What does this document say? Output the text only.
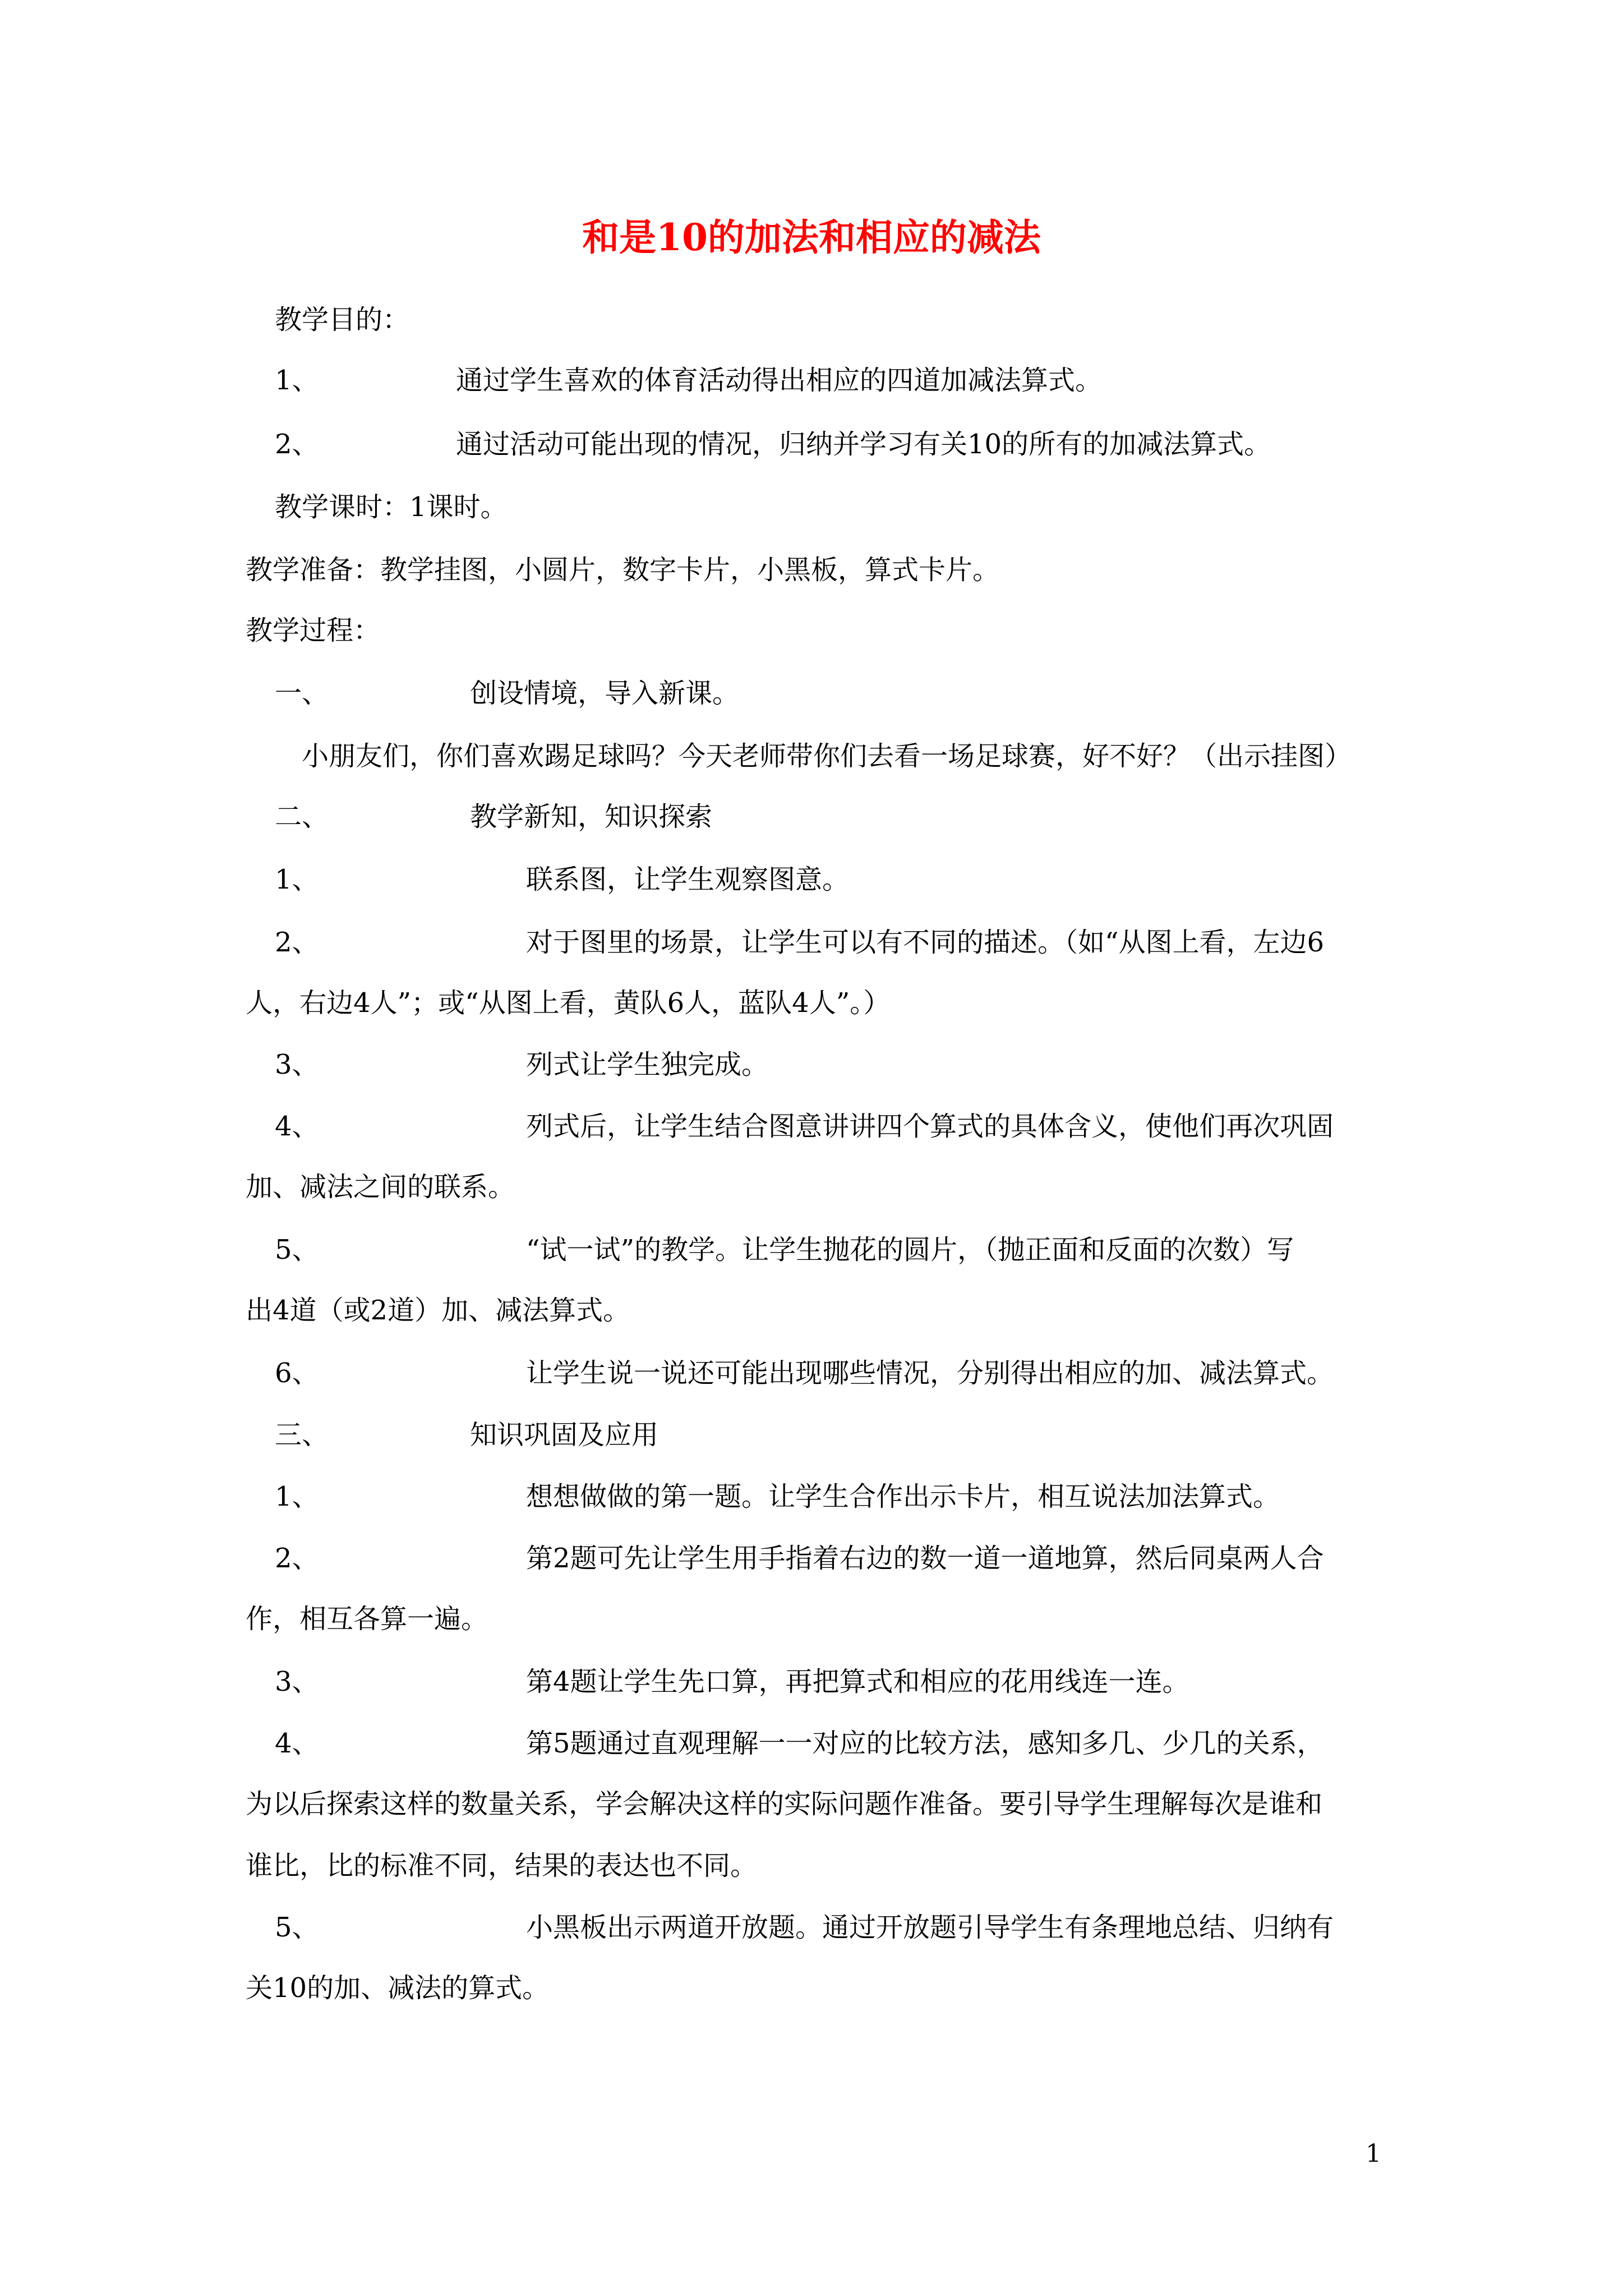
和是10的加法和相应的减法
教学目的：
1、	通过学生喜欢的体育活动得出相应的四道加减法算式。
2、	通过活动可能出现的情况，归纳并学习有关10的所有的加减法算式。
教学课时：1课时。
教学准备：教学挂图，小圆片，数字卡片，小黑板，算式卡片。
教学过程：
一、	创设情境，导入新课。
小朋友们，你们喜欢踢足球吗？今天老师带你们去看一场足球赛，好不好？（出示挂图）
二、	教学新知，知识探索
1、	联系图，让学生观察图意。
2、	对于图里的场景，让学生可以有不同的描述。（如“从图上看，左边6
人，右边4人”；或“从图上看，黄队6人，蓝队4人”。）
3、	列式让学生独完成。
4、	列式后，让学生结合图意讲讲四个算式的具体含义，使他们再次巩固
加、减法之间的联系。
5、	“试一试”的教学。让学生抛花的圆片，（抛正面和反面的次数）写
出4道（或2道）加、减法算式。
6、	让学生说一说还可能出现哪些情况，分别得出相应的加、减法算式。
三、	知识巩固及应用
1、	想想做做的第一题。让学生合作出示卡片，相互说法加法算式。
2、	第2题可先让学生用手指着右边的数一道一道地算，然后同桌两人合
作，相互各算一遍。
3、	第4题让学生先口算，再把算式和相应的花用线连一连。
4、	第5题通过直观理解一一对应的比较方法，感知多几、少几的关系，
为以后探索这样的数量关系，学会解决这样的实际问题作准备。要引导学生理解每次是谁和
谁比，比的标准不同，结果的表达也不同。
5、	小黑板出示两道开放题。通过开放题引导学生有条理地总结、归纳有
关10的加、减法的算式。
1
